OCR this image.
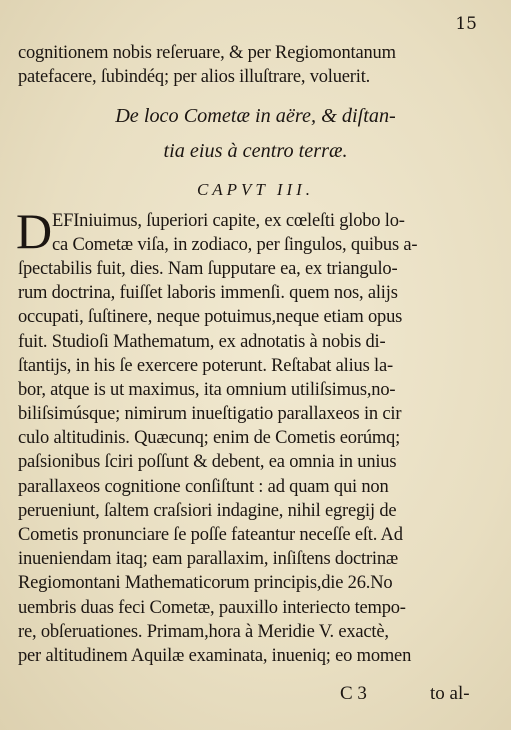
15
cognitionem nobis reſeruare, & per Regiomontanum
patefacere, ſubindéq; per alios illuſtrare, voluerit.
De loco Cometæ in aëre, & diſtan-
tia eius à centro terræ.
CAPVT III.
D EFIniuimus, ſuperiori capite, ex cœleſti globo lo-
ca Cometæ viſa, in zodiaco, per ſingulos, quibus a-
ſpectabilis fuit, dies. Nam ſupputare ea, ex triangulo-
rum doctrina, fuiſſet laboris immenſi. quem nos, alijs
occupati, ſuſtinere, neque potuimus,neque etiam opus
fuit. Studioſi Mathematum, ex adnotatis à nobis di-
ſtantijs, in his ſe exercere poterunt. Reſtabat alius la-
bor, atque is ut maximus, ita omnium utiliſsimus,no-
biliſsimúsque; nimirum inueſtigatio parallaxeos in cir
culo altitudinis. Quæcunq; enim de Cometis eorúmq;
paſsionibus ſciri poſſunt & debent, ea omnia in unius
parallaxeos cognitione conſiſtunt : ad quam qui non
perueniunt, ſaltem craſsiori indagine, nihil egregij de
Cometis pronunciare ſe poſſe fateantur neceſſe eſt. Ad
inueniendam itaq; eam parallaxim, inſiſtens doctrinæ
Regiomontani Mathematicorum principis,die 26.No
uembris duas feci Cometæ, pauxillo interiecto tempo-
re, obſeruationes. Primam,hora à Meridie V. exactè,
per altitudinem Aquilæ examinata, inueniq; eo momen
C 3	to al-
